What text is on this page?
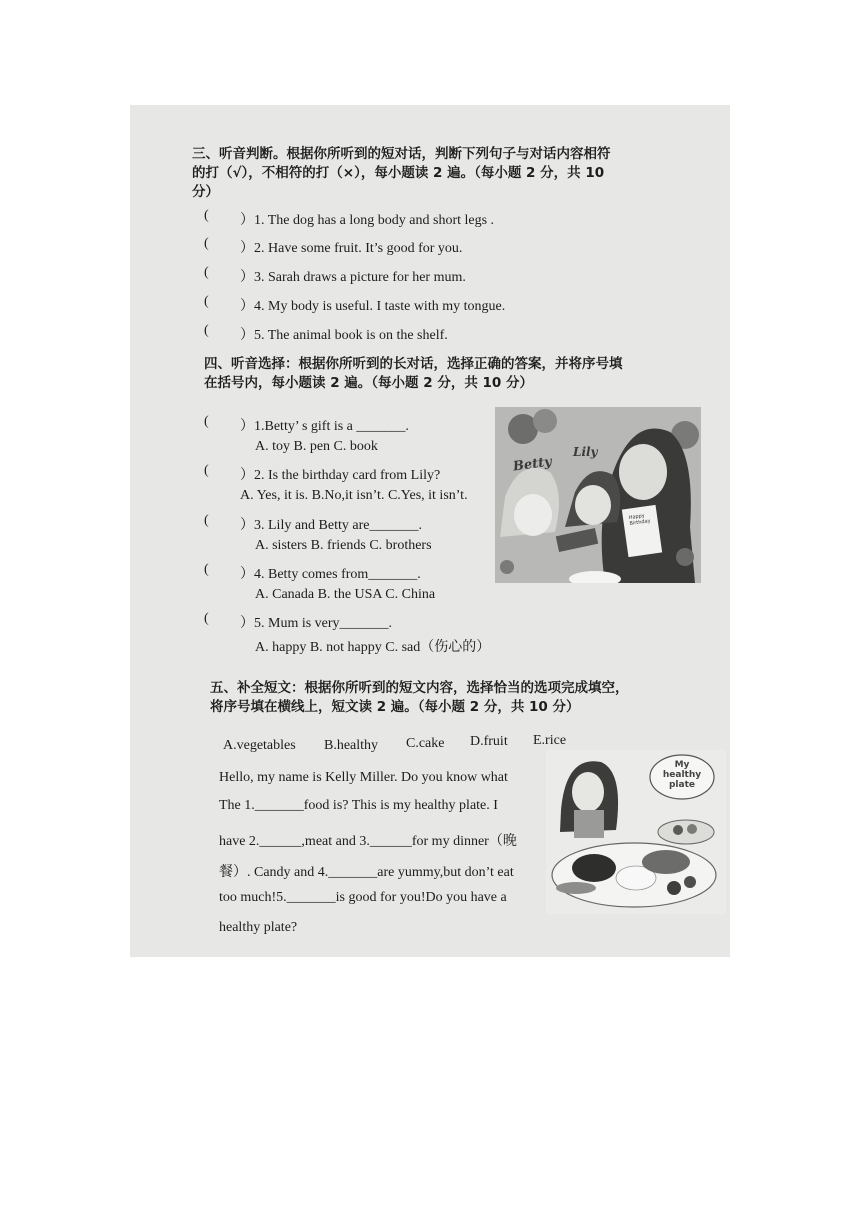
三、听音判断。根据你所听到的短对话，判断下列句子与对话内容相符的打（√），不相符的打（×），每小题读 2 遍。（每小题 2 分，共 10 分）
( ）1. The dog has a long body and short legs .
( ）2. Have some fruit. It’s good for you.
( ）3. Sarah draws a picture for her mum.
( ）4. My body is useful. I taste with my tongue.
( ）5. The animal book is on the shelf.
四、听音选择：根据你所听到的长对话，选择正确的答案，并将序号填在括号内，每小题读 2 遍。（每小题 2 分，共 10 分）
( ）1.Betty’ s gift is a _______.
A. toy B. pen C. book
( ）2. Is the birthday card from Lily?
A. Yes, it is. B.No,it isn’t. C.Yes, it isn’t.
( ）3. Lily and Betty are_______.
A. sisters B. friends C. brothers
( ）4. Betty comes from_______.
A. Canada B. the USA C. China
( ）5. Mum is very_______.
A. happy B. not happy C. sad（伤心的）
Betty
Lily
Happy Birthday
五、补全短文：根据你所听到的短文内容，选择恰当的选项完成填空，将序号填在横线上，短文读 2 遍。（每小题 2 分，共 10 分）
A.vegetables B.healthy C.cake D.fruit E.rice
Hello, my name is Kelly Miller. Do you know what
The 1._______food is? This is my healthy plate. I
have 2.______,meat and 3.______for my dinner（晚
餐）. Candy and 4._______are yummy,but don’t eat
too much!5._______is good for you!Do you have a
healthy plate?
My healthy plate
